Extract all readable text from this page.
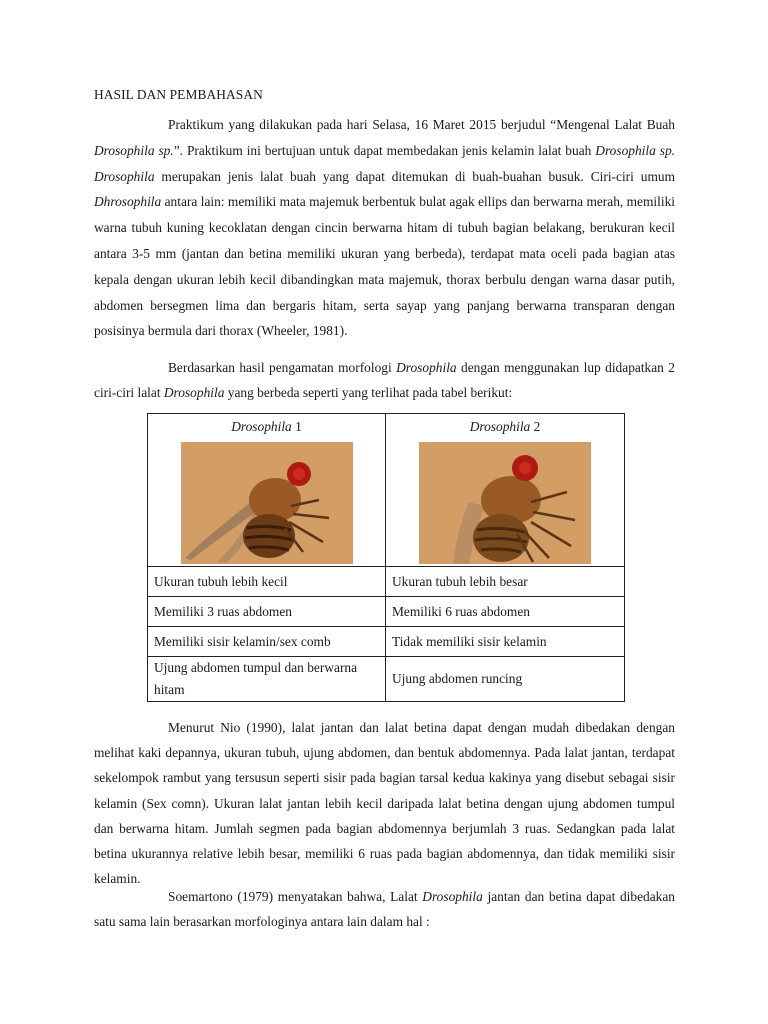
HASIL DAN PEMBAHASAN

Praktikum yang dilakukan pada hari Selasa, 16 Maret 2015 berjudul “Mengenal Lalat Buah Drosophila sp.”. Praktikum ini bertujuan untuk dapat membedakan jenis kelamin lalat buah Drosophila sp. Drosophila merupakan jenis lalat buah yang dapat ditemukan di buah-buahan busuk. Ciri-ciri umum Dhrosophila antara lain: memiliki mata majemuk berbentuk bulat agak ellips dan berwarna merah, memiliki warna tubuh kuning kecoklatan dengan cincin berwarna hitam di tubuh bagian belakang, berukuran kecil antara 3-5 mm (jantan dan betina memiliki ukuran yang berbeda), terdapat mata oceli pada bagian atas kepala dengan ukuran lebih kecil dibandingkan mata majemuk, thorax berbulu dengan warna dasar putih, abdomen bersegmen lima dan bergaris hitam, serta sayap yang panjang berwarna transparan dengan posisinya bermula dari thorax (Wheeler, 1981).

Berdasarkan hasil pengamatan morfologi Drosophila dengan menggunakan lup didapatkan 2 ciri-ciri lalat Drosophila yang berbeda seperti yang terlihat pada tabel berikut:

Drosophila 1	Drosophila 2

Ukuran tubuh lebih kecil	Ukuran tubuh lebih besar
Memiliki 3 ruas abdomen	Memiliki 6 ruas abdomen
Memiliki sisir kelamin/sex comb	Tidak memiliki sisir kelamin
Ujung abdomen tumpul dan berwarna hitam	Ujung abdomen runcing

Menurut Nio (1990), lalat jantan dan lalat betina dapat dengan mudah dibedakan dengan melihat kaki depannya, ukuran tubuh, ujung abdomen, dan bentuk abdomennya. Pada lalat jantan, terdapat sekelompok rambut yang tersusun seperti sisir pada bagian tarsal kedua kakinya yang disebut sebagai sisir kelamin (Sex comn). Ukuran lalat jantan lebih kecil daripada lalat betina dengan ujung abdomen tumpul dan berwarna hitam. Jumlah segmen pada bagian abdomennya berjumlah 3 ruas. Sedangkan pada lalat betina ukurannya relative lebih besar, memiliki 6 ruas pada bagian abdomennya, dan tidak memiliki sisir kelamin.

Soemartono (1979) menyatakan bahwa, Lalat Drosophila jantan dan betina dapat dibedakan satu sama lain berasarkan morfologinya antara lain dalam hal :
